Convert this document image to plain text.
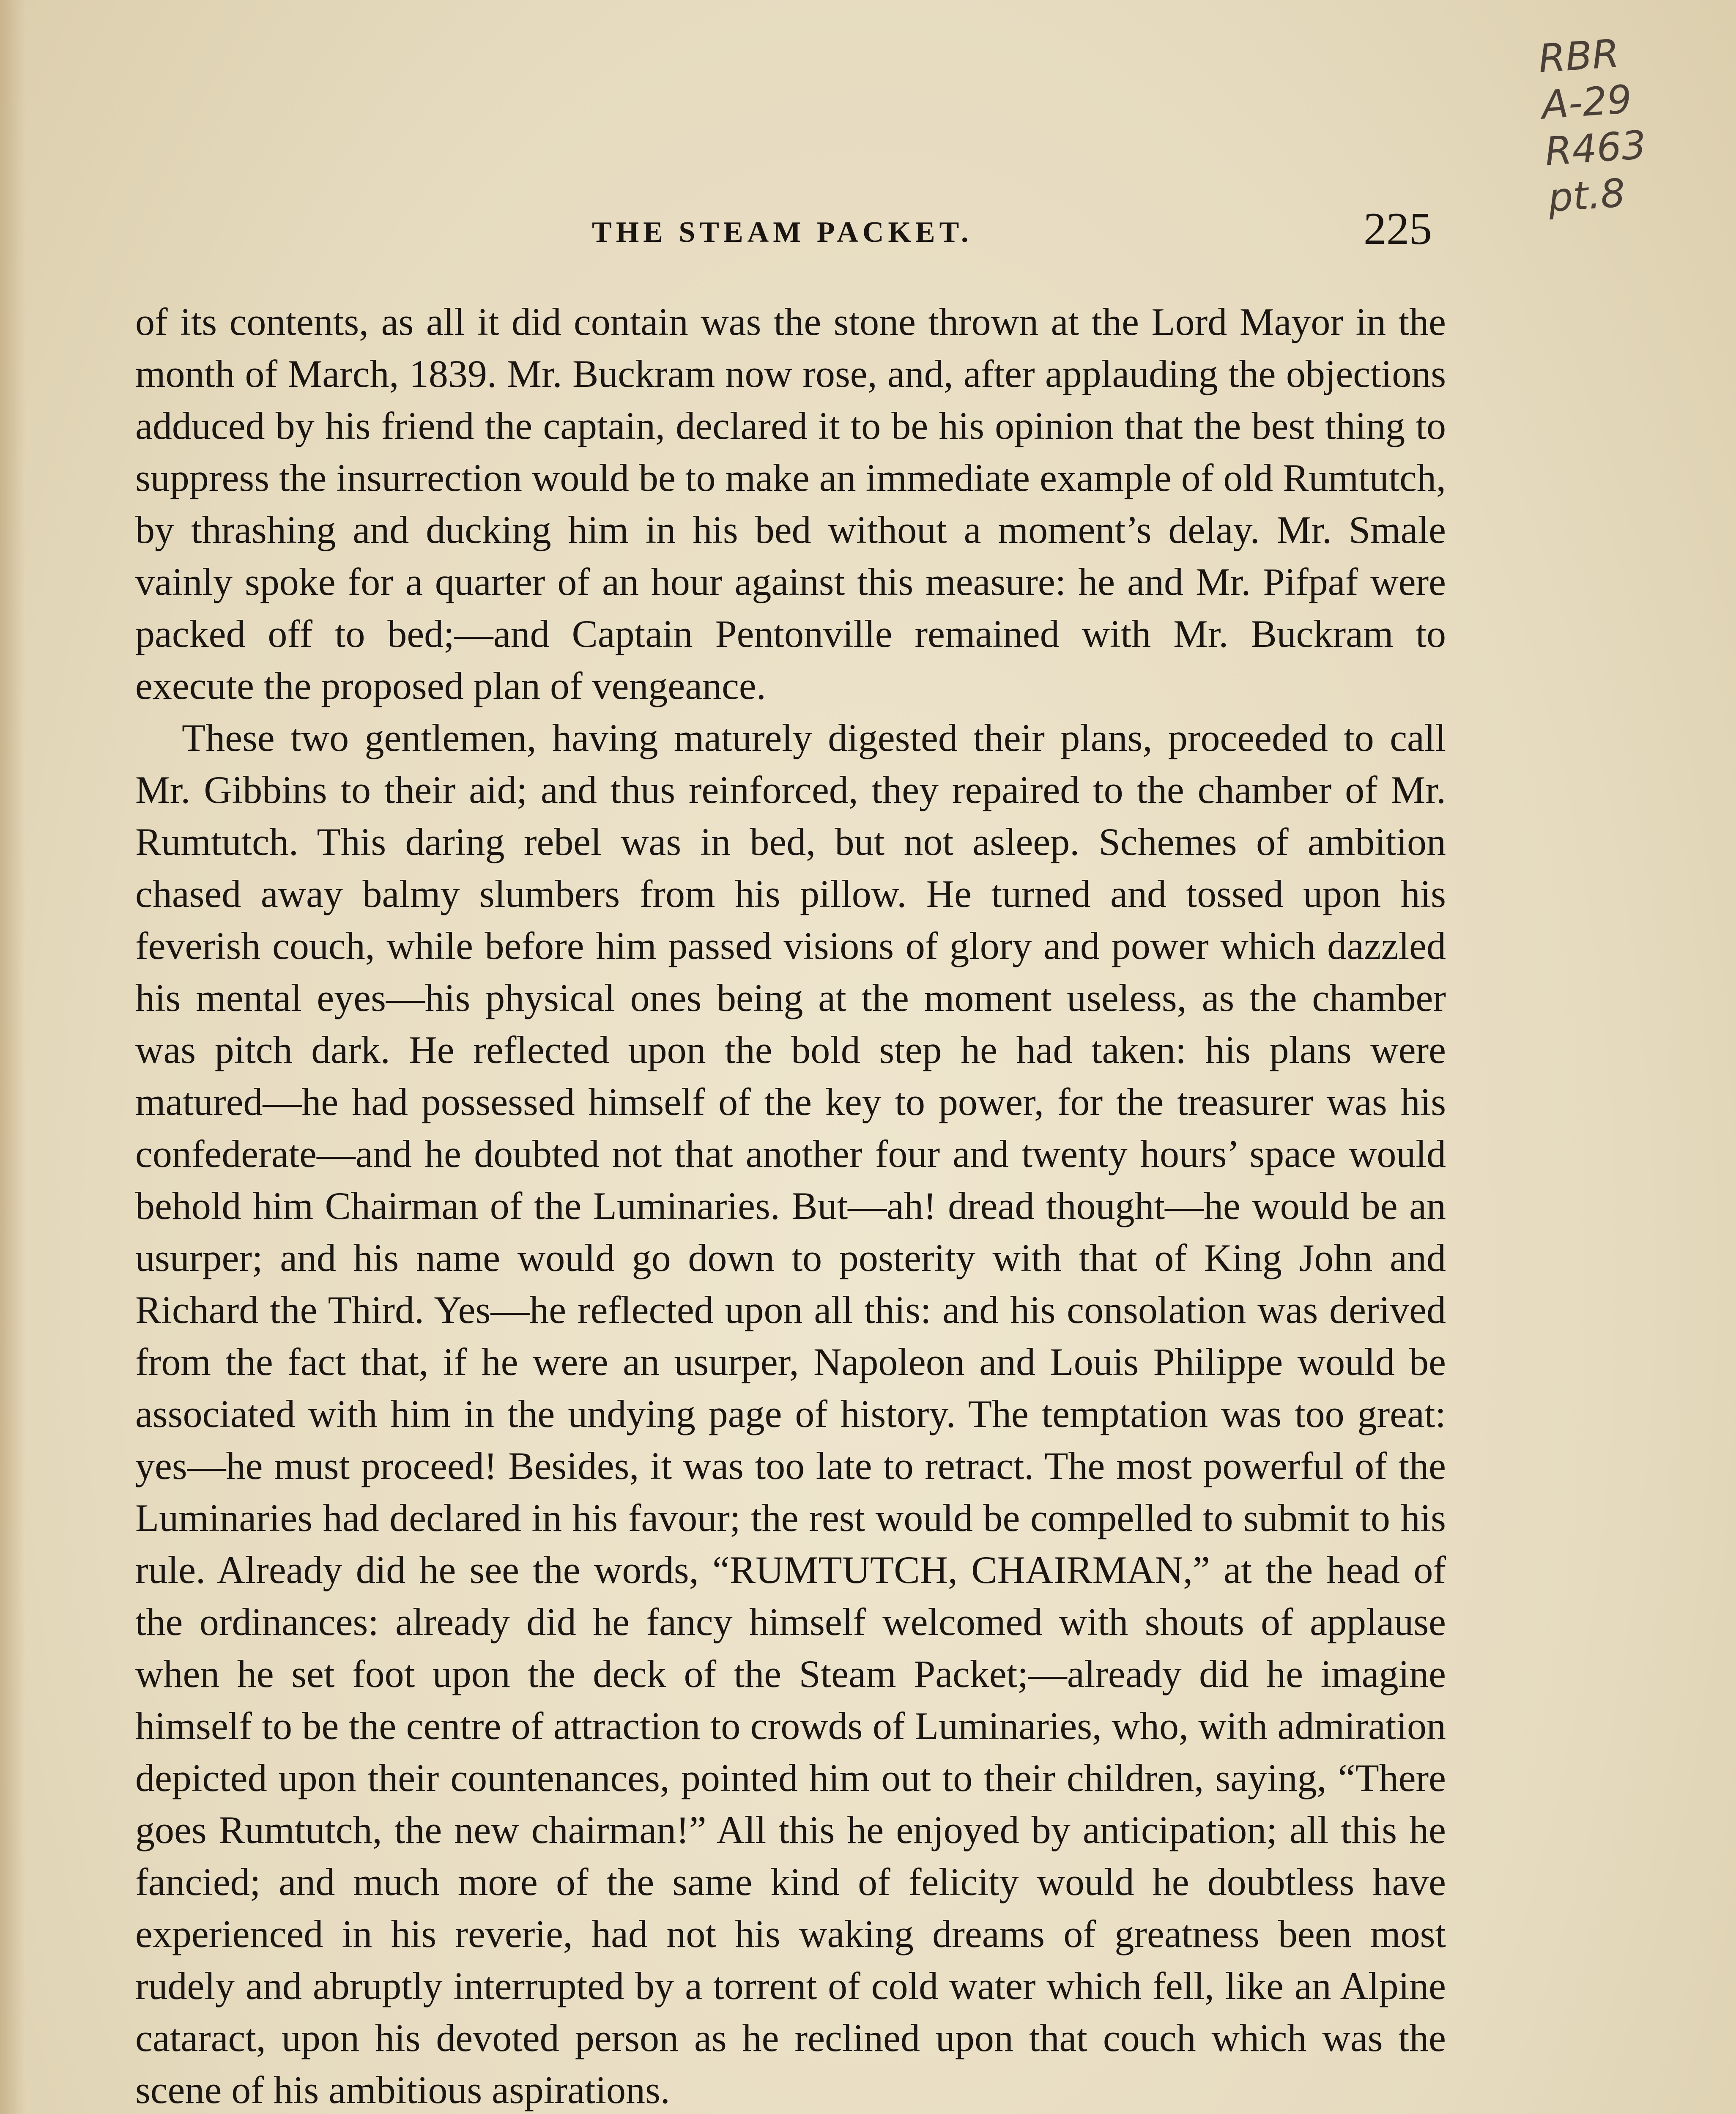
RBR
A-29
R463
pt.8
THE STEAM PACKET.	225

of its contents, as all it did contain was the stone thrown at the Lord Mayor in the month of March, 1839. Mr. Buckram now rose, and, after applauding the objections adduced by his friend the captain, declared it to be his opinion that the best thing to suppress the insurrection would be to make an immediate example of old Rumtutch, by thrashing and ducking him in his bed without a moment’s delay. Mr. Smale vainly spoke for a quarter of an hour against this measure: he and Mr. Pifpaf were packed off to bed;—and Captain Pentonville remained with Mr. Buckram to execute the proposed plan of vengeance.

These two gentlemen, having maturely digested their plans, proceeded to call Mr. Gibbins to their aid; and thus reinforced, they repaired to the chamber of Mr. Rumtutch. This daring rebel was in bed, but not asleep. Schemes of ambition chased away balmy slumbers from his pillow. He turned and tossed upon his feverish couch, while before him passed visions of glory and power which dazzled his mental eyes—his physical ones being at the moment useless, as the chamber was pitch dark. He reflected upon the bold step he had taken: his plans were matured—he had possessed himself of the key to power, for the treasurer was his confederate—and he doubted not that another four and twenty hours’ space would behold him Chairman of the Luminaries. But—ah! dread thought—he would be an usurper; and his name would go down to posterity with that of King John and Richard the Third. Yes—he reflected upon all this: and his consolation was derived from the fact that, if he were an usurper, Napoleon and Louis Philippe would be associated with him in the undying page of history. The temptation was too great: yes—he must proceed! Besides, it was too late to retract. The most powerful of the Luminaries had declared in his favour; the rest would be compelled to submit to his rule. Already did he see the words, “RUMTUTCH, CHAIRMAN,” at the head of the ordinances: already did he fancy himself welcomed with shouts of applause when he set foot upon the deck of the Steam Packet;—already did he imagine himself to be the centre of attraction to crowds of Luminaries, who, with admiration depicted upon their countenances, pointed him out to their children, saying, “There goes Rumtutch, the new chairman!” All this he enjoyed by anticipation; all this he fancied; and much more of the same kind of felicity would he doubtless have experienced in his reverie, had not his waking dreams of greatness been most rudely and abruptly interrupted by a torrent of cold water which fell, like an Alpine cataract, upon his devoted person as he reclined upon that couch which was the scene of his ambitious aspirations.
